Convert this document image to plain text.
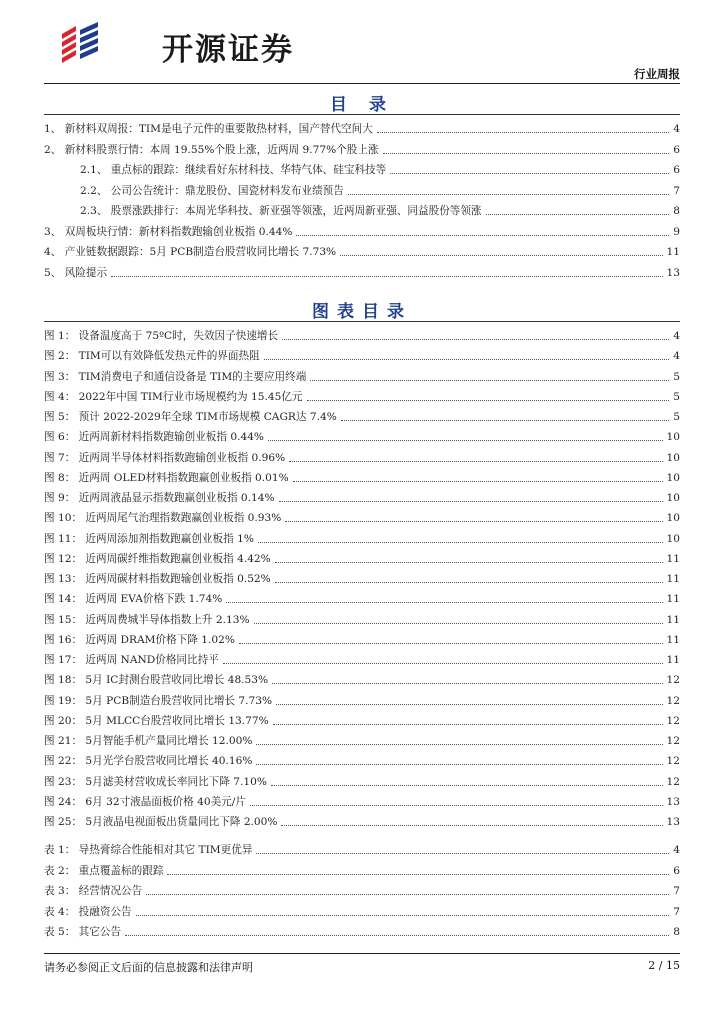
开源证券
行业周报
目 录
1、 新材料双周报：TIM是电子元件的重要散热材料，国产替代空间大	4
2、 新材料股票行情：本周 19.55%个股上涨，近两周 9.77%个股上涨	6
2.1、 重点标的跟踪：继续看好东材科技、华特气体、硅宝科技等	6
2.2、 公司公告统计：鼎龙股份、国瓷材料发布业绩预告	7
2.3、 股票涨跌排行：本周光华科技、新亚强等领涨，近两周新亚强、同益股份等领涨	8
3、 双周板块行情：新材料指数跑输创业板指 0.44%	9
4、 产业链数据跟踪：5月 PCB制造台股营收同比增长 7.73%	11
5、 风险提示	13
图表目录
图 1： 设备温度高于 75ºC时，失效因子快速增长	4
图 2： TIM可以有效降低发热元件的界面热阻	4
图 3： TIM消费电子和通信设备是 TIM的主要应用终端	5
图 4： 2022年中国 TIM行业市场规模约为 15.45亿元	5
图 5： 预计 2022-2029年全球 TIM市场规模 CAGR达 7.4%	5
图 6： 近两周新材料指数跑输创业板指 0.44%	10
图 7： 近两周半导体材料指数跑输创业板指 0.96%	10
图 8： 近两周 OLED材料指数跑赢创业板指 0.01%	10
图 9： 近两周液晶显示指数跑赢创业板指 0.14%	10
图 10： 近两周尾气治理指数跑赢创业板指 0.93%	10
图 11： 近两周添加剂指数跑赢创业板指 1%	10
图 12： 近两周碳纤维指数跑赢创业板指 4.42%	11
图 13： 近两周碳材料指数跑输创业板指 0.52%	11
图 14： 近两周 EVA价格下跌 1.74%	11
图 15： 近两周费城半导体指数上升 2.13%	11
图 16： 近两周 DRAM价格下降 1.02%	11
图 17： 近两周 NAND价格同比持平	11
图 18： 5月 IC封测台股营收同比增长 48.53%	12
图 19： 5月 PCB制造台股营收同比增长 7.73%	12
图 20： 5月 MLCC台股营收同比增长 13.77%	12
图 21： 5月智能手机产量同比增长 12.00%	12
图 22： 5月光学台股营收同比增长 40.16%	12
图 23： 5月滤美材营收成长率同比下降 7.10%	12
图 24： 6月 32寸液晶面板价格 40美元/片	13
图 25： 5月液晶电视面板出货量同比下降 2.00%	13
表 1： 导热膏综合性能相对其它 TIM更优异	4
表 2： 重点覆盖标的跟踪	6
表 3： 经营情况公告	7
表 4： 投融资公告	7
表 5： 其它公告	8
请务必参阅正文后面的信息披露和法律声明	2 / 15
